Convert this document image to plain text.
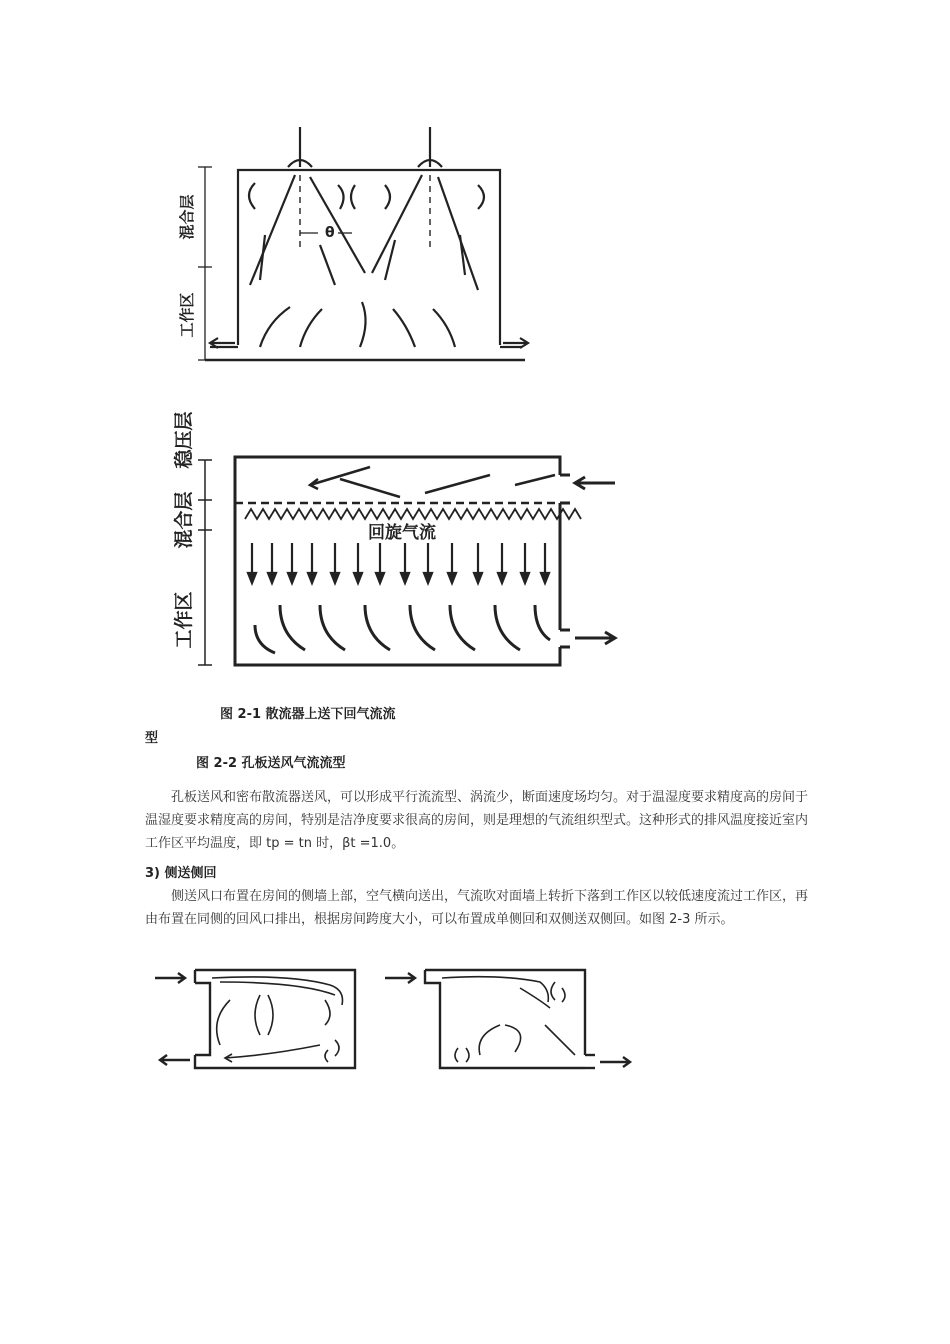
混合层
工作区
θ
稳压层
混合层
工作区
回旋气流
图 2-1 散流器上送下回气流流
型
图 2-2 孔板送风气流流型

孔板送风和密布散流器送风，可以形成平行流流型、涡流少，断面速度场均匀。对于温湿度要求精度高的房间于温湿度要求精度高的房间，特别是洁净度要求很高的房间，则是理想的气流组织型式。这种形式的排风温度接近室内工作区平均温度，即 tp = tn 时，βt =1.0。

3) 侧送侧回

侧送风口布置在房间的侧墙上部，空气横向送出，气流吹对面墙上转折下落到工作区以较低速度流过工作区，再由布置在同侧的回风口排出，根据房间跨度大小，可以布置成单侧回和双侧送双侧回。如图 2-3 所示。
